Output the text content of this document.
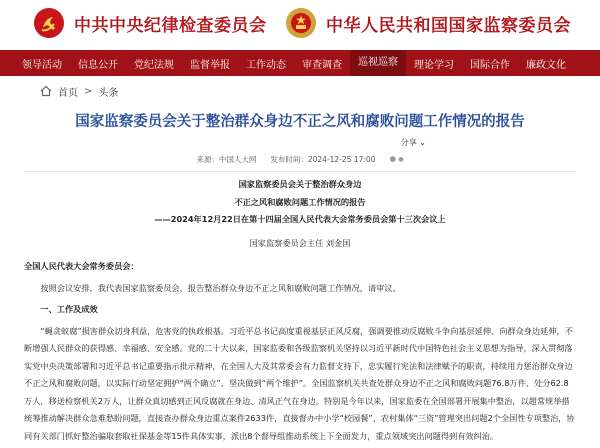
中共中央纪律检查委员会	中华人民共和国国家监察委员会
领导活动	信息公开	党纪法规	监督举报	工作动态	审查调查	巡视巡察	理论学习	国际合作	廉政文化
首页 > 头条
国家监察委员会关于整治群众身边不正之风和腐败问题工作情况的报告
分享 ⌄
来源：中国人大网 发布时间：2024-12-25 17:00 ● ●

国家监察委员会关于整治群众身边

不正之风和腐败问题工作情况的报告

——2024年12月22日在第十四届全国人民代表大会常务委员会第十三次会议上

国家监察委员会主任 刘金国

全国人民代表大会常务委员会：

按照会议安排，我代表国家监察委员会，报告整治群众身边不正之风和腐败问题工作情况，请审议。

一、工作及成效

“蝇贪蚁腐”损害群众切身利益，危害党的执政根基。习近平总书记高度重视基层正风反腐，强调要推动反腐败斗争向基层延伸、向群众身边延伸，不断增强人民群众的获得感、幸福感、安全感。党的二十大以来，国家监委和各级监察机关坚持以习近平新时代中国特色社会主义思想为指导，深入贯彻落实党中央决策部署和习近平总书记重要指示批示精神，在全国人大及其常委会有力监督支持下，忠实履行宪法和法律赋予的职责，持续用力惩治群众身边不正之风和腐败问题，以实际行动坚定拥护“两个确立”、坚决做到“两个维护”。全国监察机关共查处群众身边不正之风和腐败问题76.8万件、处分62.8万人，移送检察机关2万人，让群众真切感到正风反腐就在身边、清风正气在身边。特别是今年以来，国家监委在全国部署开展集中整治，以超常规举措统筹推动解决群众急难愁盼问题，直接查办群众身边重点案件2633件，直接督办中小学“校园餐”、农村集体“三资”管理突出问题2个全国性专项整治，协同有关部门抓好整治骗取套取社保基金等15件具体实事，派出8个督导组推动系统上下全面发力，重点领域突出问题得到有效纠治。
